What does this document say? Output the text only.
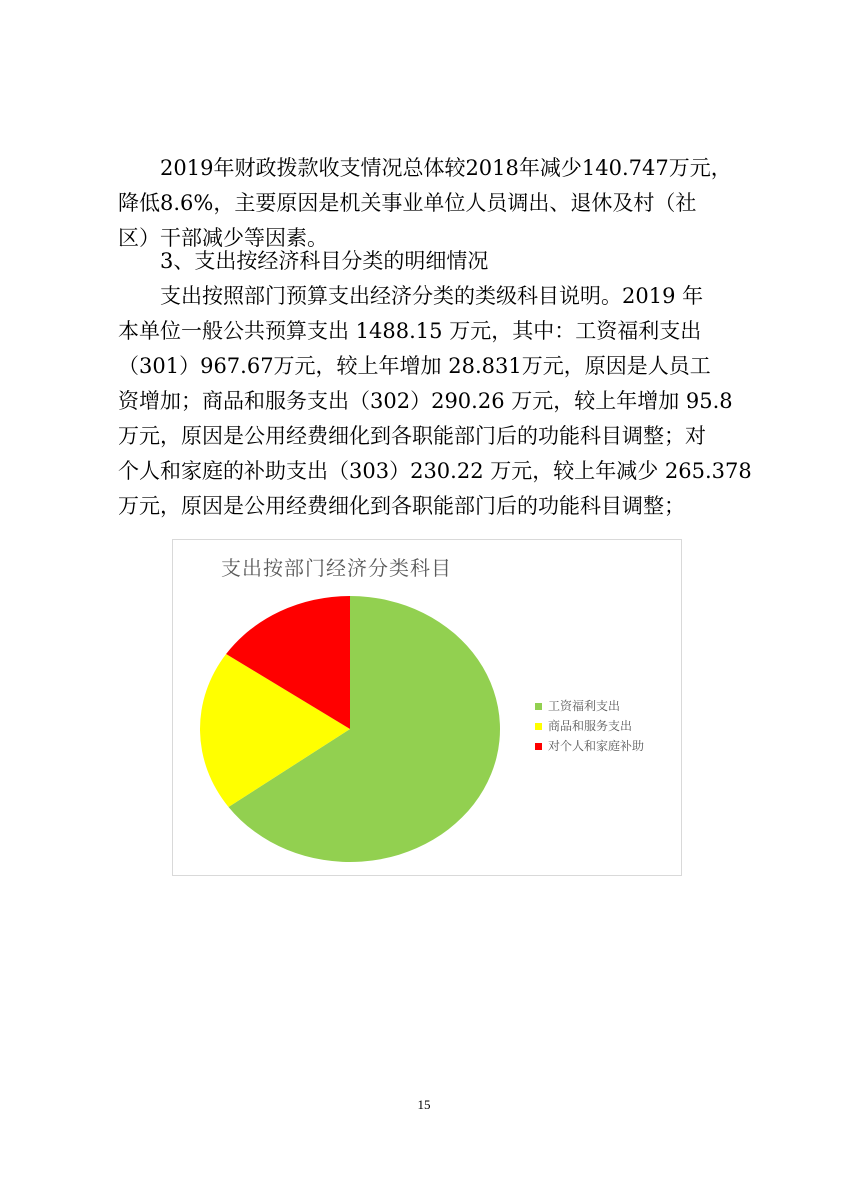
2019年财政拨款收支情况总体较2018年减少140.747万元，
降低8.6%，主要原因是机关事业单位人员调出、退休及村（社
区）干部减少等因素。
3、支出按经济科目分类的明细情况
支出按照部门预算支出经济分类的类级科目说明。2019 年
本单位一般公共预算支出 1488.15 万元，其中：工资福利支出
（301）967.67万元，较上年增加 28.831万元，原因是人员工
资增加；商品和服务支出（302）290.26 万元，较上年增加 95.8
万元，原因是公用经费细化到各职能部门后的功能科目调整；对
个人和家庭的补助支出（303）230.22 万元，较上年减少 265.378
万元，原因是公用经费细化到各职能部门后的功能科目调整；
支出按部门经济分类科目
工资福利支出
商品和服务支出
对个人和家庭补助
15
